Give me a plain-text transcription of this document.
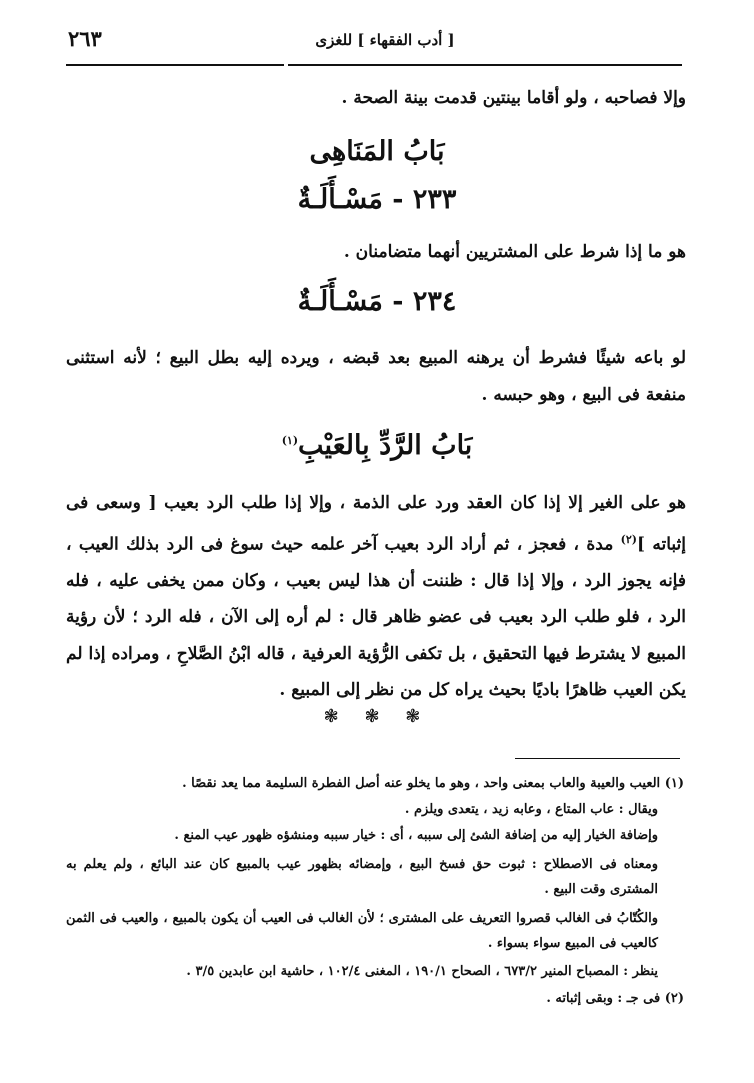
٢٦٣	[ أدب الفقهاء ] للغزى

وإلا فصاحبه ، ولو أقاما بينتين قدمت بينة الصحة .

بَابُ المَنَاهِى

٢٣٣ - مَسْـأَلَـةٌ

هو ما إذا شرط على المشتريين أنهما متضامنان .

٢٣٤ - مَسْـأَلَـةٌ

لو باعه شيئًا فشرط أن يرهنه المبيع بعد قبضه ، ويرده إليه بطل البيع ؛ لأنه استثنى منفعة فى البيع ، وهو حبسه .

بَابُ الرَّدِّ بِالعَيْبِ$^{(١)}$

هو على الغير إلا إذا كان العقد ورد على الذمة ، وإلا إذا طلب الرد بعيب [ وسعى فى إثباته ]$^{(٢)}$ مدة ، فعجز ، ثم أراد الرد بعيب آخر علمه حيث سوغ فى الرد بذلك العيب ، فإنه يجوز الرد ، وإلا إذا قال : ظننت أن هذا ليس بعيب ، وكان ممن يخفى عليه ، فله الرد ، فلو طلب الرد بعيب فى عضو ظاهر قال : لم أره إلى الآن ، فله الرد ؛ لأن رؤية المبيع لا يشترط فيها التحقيق ، بل تكفى الرُّؤية العرفية ، قاله ابْنُ الصَّلاحِ ، ومراده إذا لم يكن العيب ظاهرًا باديًا بحيث يراه كل من نظر إلى المبيع .

❃ ❃ ❃

(١) العيب والعيبة والعاب بمعنى واحد ، وهو ما يخلو عنه أصل الفطرة السليمة مما يعد نقصًا .

ويقال : عاب المتاع ، وعابه زيد ، يتعدى ويلزم .

وإضافة الخيار إليه من إضافة الشئ إلى سببه ، أى : خيار سببه ومنشؤه ظهور عيب المنع .

ومعناه فى الاصطلاح : ثبوت حق فسخ البيع ، وإمضائه بظهور عيب بالمبيع كان عند البائع ، ولم يعلم به المشترى وقت البيع .

والكُتّابُ فى الغالب قصروا التعريف على المشترى ؛ لأن الغالب فى العيب أن يكون بالمبيع ، والعيب فى الثمن كالعيب فى المبيع سواء بسواء .

ينظر : المصباح المنير ٦٧٣/٢ ، الصحاح ١٩٠/١ ، المغنى ١٠٢/٤ ، حاشية ابن عابدين ٣/٥ .

(٢) فى جـ : وبقى إثباته .
